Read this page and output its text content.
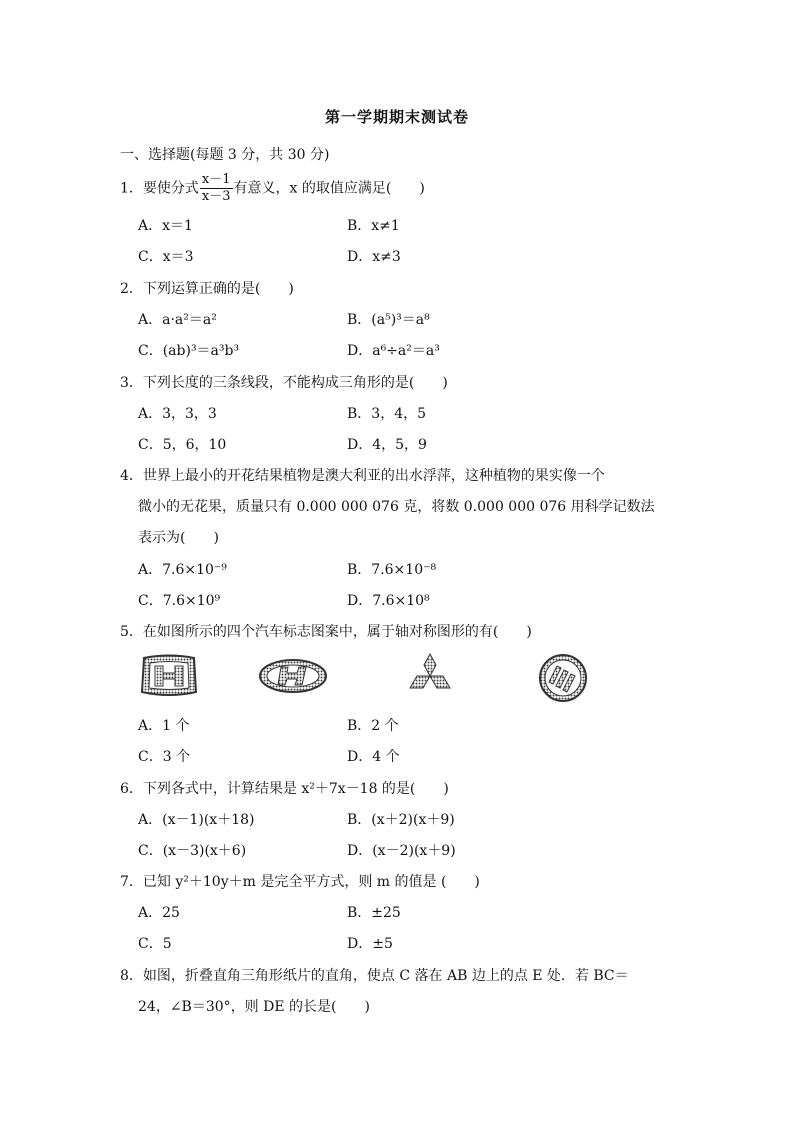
第一学期期末测试卷
一、选择题(每题 3 分，共 30 分)
1．要使分式 $\frac{x-1}{x-3}$ 有意义，x 的取值应满足(　　)
A．x＝1	B．x≠1
C．x＝3	D．x≠3
2．下列运算正确的是(　　)
A．a·a²＝a²	B．(a⁵)³＝a⁸
C．(ab)³＝a³b³	D．a⁶÷a²＝a³
3．下列长度的三条线段，不能构成三角形的是(　　)
A．3，3，3	B．3，4，5
C．5，6，10	D．4，5，9
4．世界上最小的开花结果植物是澳大利亚的出水浮萍，这种植物的果实像一个
微小的无花果，质量只有 0.000 000 076 克，将数 0.000 000 076 用科学记数法
表示为(　　)
A．7.6×10⁻⁹	B．7.6×10⁻⁸
C．7.6×10⁹	D．7.6×10⁸
5．在如图所示的四个汽车标志图案中，属于轴对称图形的有(　　)
A．1 个	B．2 个
C．3 个	D．4 个
6．下列各式中，计算结果是 x²＋7x－18 的是(　　)
A．(x－1)(x＋18)	B．(x＋2)(x＋9)
C．(x－3)(x＋6)	D．(x－2)(x＋9)
7．已知 y²＋10y＋m 是完全平方式，则 m 的值是 (　　)
A．25	B．±25
C．5	D．±5
8．如图，折叠直角三角形纸片的直角，使点 C 落在 AB 边上的点 E 处．若 BC＝
24，∠B＝30°，则 DE 的长是(　　)
